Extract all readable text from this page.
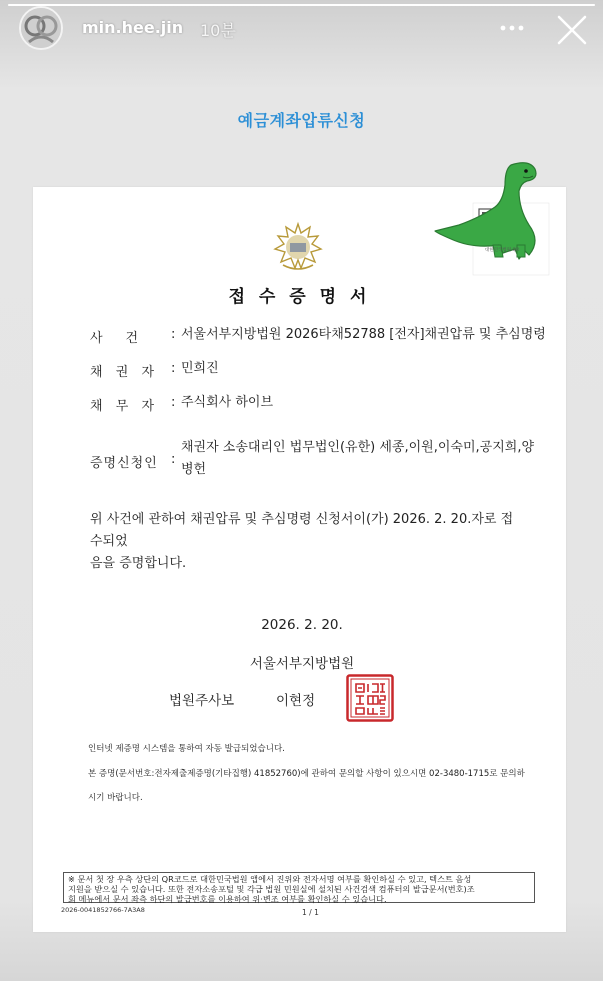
min.hee.jin 10분
예금계좌압류신청
대한민국법원 QR
접 수 증 명 서
사 건	: 서울서부지방법원 2026타채52788 [전자]채권압류 및 추심명령
채 권 자 : 민희진
채 무 자 : 주식회사 하이브
증명신청인	:
채권자 소송대리인 법무법인(유한) 세종,이원,이숙미,공지희,양
병헌
위 사건에 관하여 채권압류 및 추심명령 신청서이(가) 2026. 2. 20.자로 접수되었
음을 증명합니다.
2026. 2. 20.
서울서부지방법원
법원주사보	이현정
인터넷 제증명 시스템을 통하여 자동 발급되었습니다.
본 증명(문서번호:전자제출제증명(기타집행) 41852760)에 관하여 문의할 사항이 있으시면 02-3480-1715로 문의하
시기 바랍니다.
※ 문서 첫 장 우측 상단의 QR코드로 대한민국법원 앱에서 진위와 전자서명 여부를 확인하실 수 있고, 텍스트 음성
지원을 받으실 수 있습니다. 또한 전자소송포털 및 각급 법원 민원실에 설치된 사건검색 컴퓨터의 발급문서(번호)조
회 메뉴에서 문서 좌측 하단의 발급번호를 이용하여 위·변조 여부를 확인하실 수 있습니다.
2026-0041852766-7A3A8	1 / 1
